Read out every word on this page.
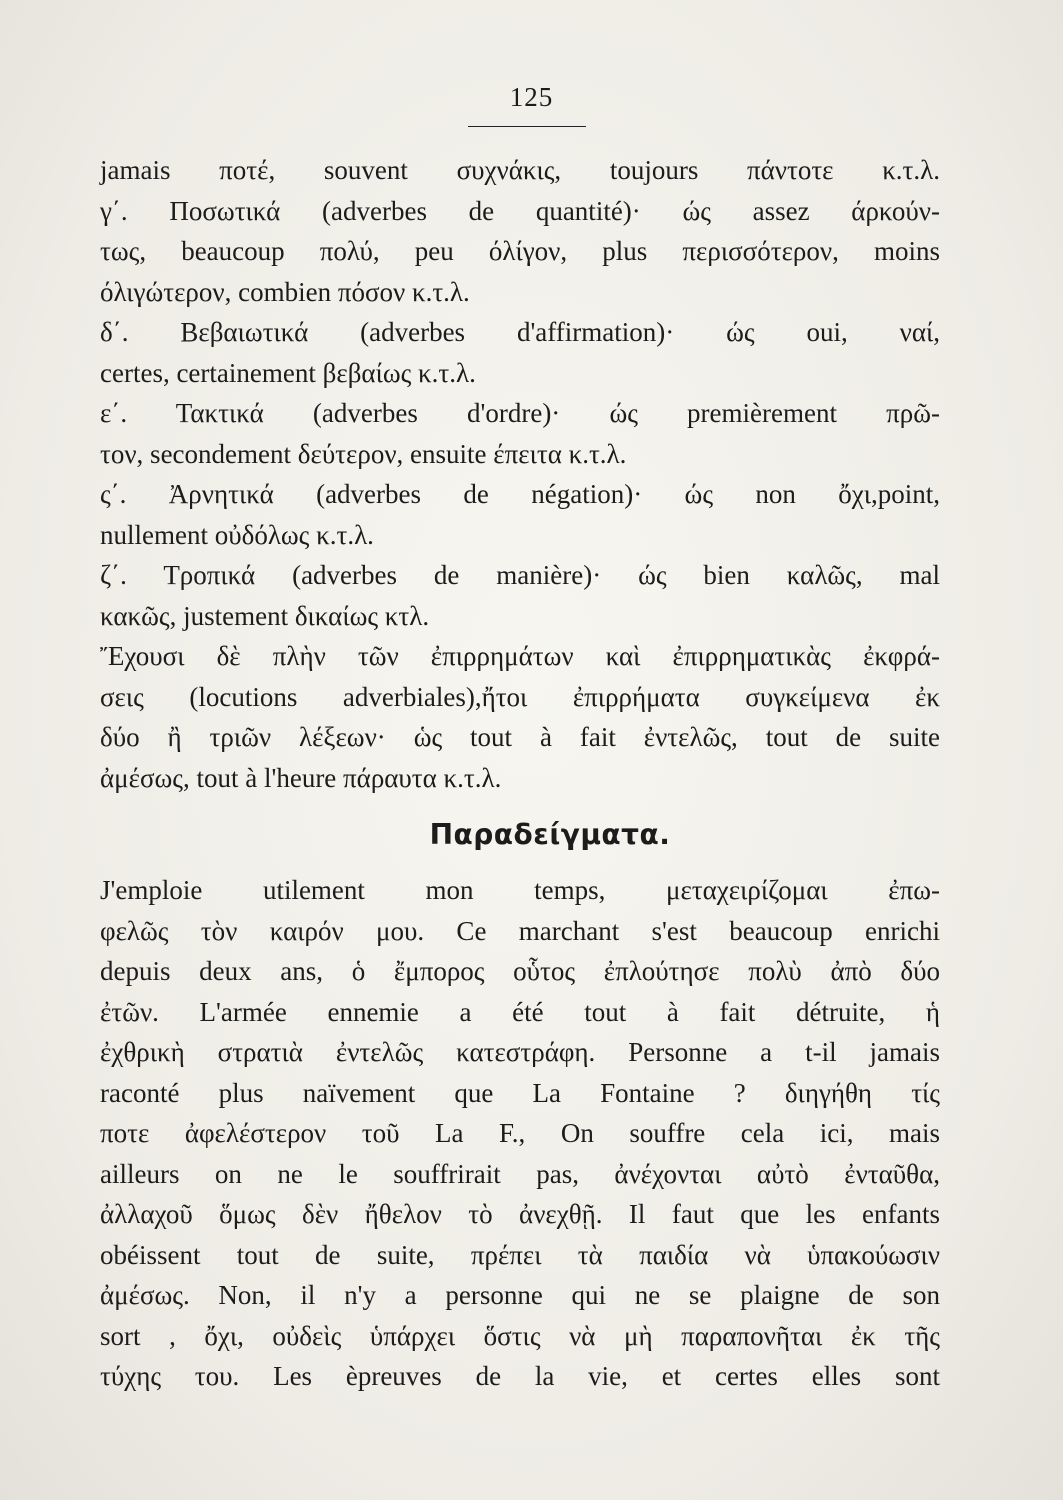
125
jamais ποτέ, souvent συχνάκις, toujours πάντοτε κ.τ.λ.
γ΄. Ποσωτικά (adverbes de quantité)· ώς assez άρκούν-
τως, beaucoup πολύ, peu όλίγον, plus περισσότερον, moins
όλιγώτερον, combien πόσον κ.τ.λ.
δ΄. Βεβαιωτικά (adverbes d'affirmation)· ώς oui, ναί,
certes, certainement βεβαίως κ.τ.λ.
ε΄. Τακτικά (adverbes d'ordre)· ώς premièrement πρῶ-
τον, secondement δεύτερον, ensuite έπειτα κ.τ.λ.
ς΄. Ἀρνητικά (adverbes de négation)· ώς non ὄχι,point,
nullement οὐδόλως κ.τ.λ.
ζ΄. Τροπικά (adverbes de manière)· ώς bien καλῶς, mal
κακῶς, justement δικαίως κτλ.
Ἔχουσι δὲ πλὴν τῶν ἐπιρρημάτων καὶ ἐπιρρηματικὰς ἐκφρά-
σεις (locutions adverbiales),ἤτοι ἐπιρρήματα συγκείμενα ἐκ
δύο ἢ τριῶν λέξεων· ὡς tout à fait ἐντελῶς, tout de suite
ἀμέσως, tout à l'heure πάραυτα κ.τ.λ.
Παραδείγματα.
J'emploie utilement mon temps, μεταχειρίζομαι ἐπω-
φελῶς τὸν καιρόν μου. Ce marchant s'est beaucoup enrichi
depuis deux ans, ὁ ἔμπορος οὗτος ἐπλούτησε πολὺ ἀπὸ δύο
ἐτῶν. L'armée ennemie a été tout à fait détruite, ἡ
ἐχθρικὴ στρατιὰ ἐντελῶς κατεστράφη. Personne a t-il jamais
raconté plus naïvement que La Fontaine ? διηγήθη τίς
ποτε ἀφελέστερον τοῦ La F., On souffre cela ici, mais
ailleurs on ne le souffrirait pas, ἀνέχονται αὐτὸ ἐνταῦθα,
ἀλλαχοῦ ὅμως δὲν ἤθελον τὸ ἀνεχθῇ. Il faut que les enfants
obéissent tout de suite, πρέπει τὰ παιδία νὰ ὑπακούωσιν
ἀμέσως. Non, il n'y a personne qui ne se plaigne de son
sort , ὄχι, οὐδεὶς ὑπάρχει ὅστις νὰ μὴ παραπονῆται ἐκ τῆς
τύχης του. Les èpreuves de la vie, et certes elles sont
